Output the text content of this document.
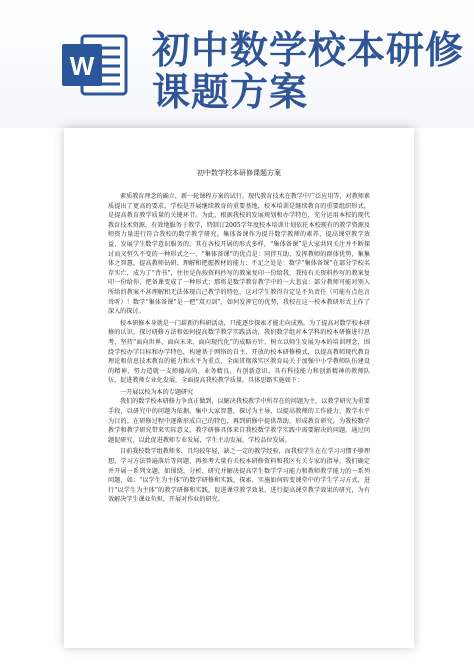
W 初中数学校本研修
课题方案
初中数学校本研修课题方案

素质教育理念的确立，新一轮课程方案的试行，现代教育技术在教学中广泛应用等，对教师素质提出了更高的要求，学校是开展继续教育的重要基地，校本培训是继续教育的重要组织形式，是提高教育教学质量的关键环节。为此，根据我校的发展规划和办学特色，充分运用本校的现代教育技术资源，有效地服务于教学，特制订2005学年度校本培训计划依托本校现有的教学资源及师资力量进行符合我校的数学教学研究。集体备课作为提升数学教师的素养、提高课堂教学效益、发展学生数学意识服务的，其在各校开展的形式多样，“集体备课”是大家共同关注并不断探讨而又恒久不变的一种形式之一，“集体备课”的优点是：同伴互助，发挥教师的群体优势，集集体之智慧，提高教师钻研、理解和把握教材的能力；不足之处是：数学“集体备课”在部分学校名存实亡，成为了“背书”，往往是你按资料抄写的教案复印一份给我，我按有关资料抄写的教案复印一份给你，把备课变成了一种形式；那将是数学教育教学中的一大悲哀：部分教师可能对别人所给的教案不甚理解和无法体现自己教学的特色，这对学生教得肯定是不负责任（可能有点危言耸听）！数学“集体备课”是一把“双刃剑”，如何发挥它的优势，我校在这一校本教研形式上作了深入的探讨。

校本研修本身就是一门崭新的科研活动，只能逐步探索才能走向成熟。为了提高对数学校本研修的认识，探讨研修方法和如何提高数学教学实践活动，我们数学组对本学科的校本研修进行思考，坚持“面向世界，面向未来，面向现代化”的成略方针，树立以师生发展为本的培训理念，围绕学校办学目标和办学特色，构建基于网络的自主、开放的校本研修模式，以提高教师现代教育理论和信息技术教育的能力和水平为重点，全面贯彻落实区教育局关于加强中小学教师队伍建设的精神，努力造就一支师德高尚、业务精良、有创新意识、具有科技能力和创新精神的教师队伍，促进教师专业化发展，全面提高我校教学质量。具体思路实施如下：

一开展以校为本的专题研究

我们的数学校本研修力争真正做到，以解决我校教学中所存在的问题为主，以教学研究为重要手段，以研究中的问题为依据，集中大家智慧，探讨为主导，以提高教师的工作能力、教学水平为目的。在研修过程中逐渐形成自己的特色，再到研修中提供帮助，形成教育研究，为我校数学教学和教学研究带来实际意义。教学研修具体来自我校数学教学实践中需要解决的问题，通过问题促研究，以此促进教师专业发展，学生主动发展，学校品位发展。

目前我校数学组教师多，且均较年轻，缺乏一定的教学经验，而我校学生在在学习习惯不够理想，学习方法普遍落后等问题，再参考大量有关校本研修资料和我区有关专家的指导，我们确定并开展一系列文题，如围绕、分析、研究并解决提高学生数学学习能力和教师教学能力的一系列问题，如：“以学生为主体”的数学研修和实践，探索、实施如何转变课堂中的学生学习方式，进行“以学生为主体”的教学研修和实践，促进课堂教学效果，进行提高课堂教学效果的研究，为有效解决学生课业负担，开展对作业的研究。
